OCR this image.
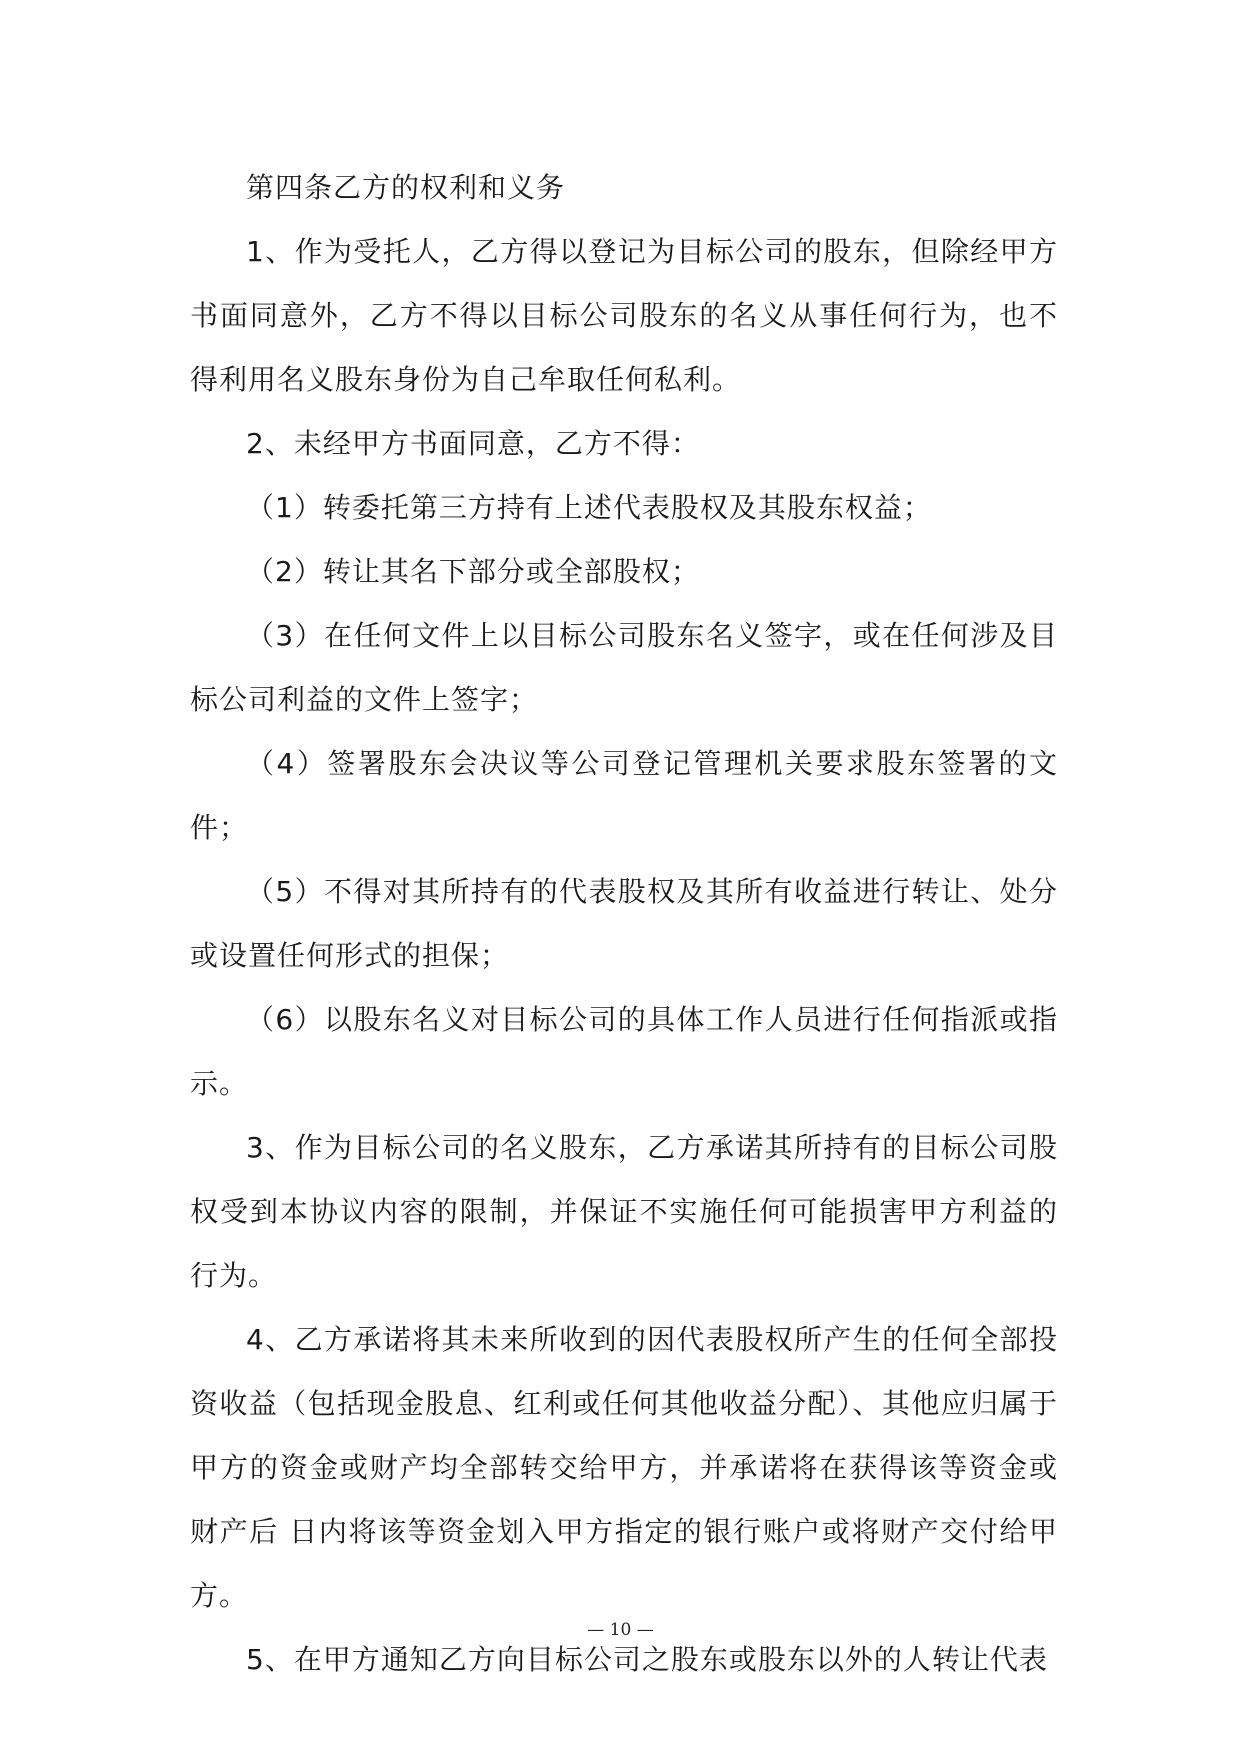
第四条乙方的权利和义务

1、作为受托人，乙方得以登记为目标公司的股东，但除经甲方书面同意外，乙方不得以目标公司股东的名义从事任何行为，也不得利用名义股东身份为自己牟取任何私利。

2、未经甲方书面同意，乙方不得：

（1）转委托第三方持有上述代表股权及其股东权益；

（2）转让其名下部分或全部股权；

（3）在任何文件上以目标公司股东名义签字，或在任何涉及目标公司利益的文件上签字；

（4）签署股东会决议等公司登记管理机关要求股东签署的文件；

（5）不得对其所持有的代表股权及其所有收益进行转让、处分或设置任何形式的担保；

（6）以股东名义对目标公司的具体工作人员进行任何指派或指示。

3、作为目标公司的名义股东，乙方承诺其所持有的目标公司股权受到本协议内容的限制，并保证不实施任何可能损害甲方利益的行为。

4、乙方承诺将其未来所收到的因代表股权所产生的任何全部投资收益（包括现金股息、红利或任何其他收益分配）、其他应归属于甲方的资金或财产均全部转交给甲方，并承诺将在获得该等资金或财产后 日内将该等资金划入甲方指定的银行账户或将财产交付给甲方。

5、在甲方通知乙方向目标公司之股东或股东以外的人转让代表

— 10 —
